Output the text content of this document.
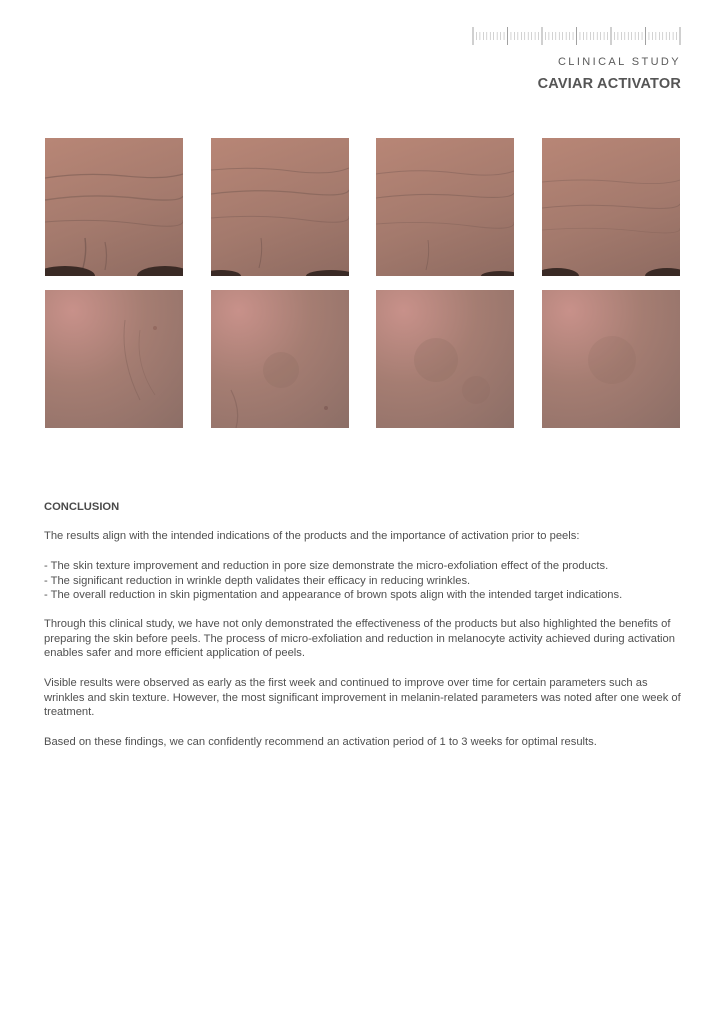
CLINICAL STUDY
CAVIAR ACTIVATOR
CONCLUSION
The results align with the intended indications of the products and the importance of activation prior to peels:

- The skin texture improvement and reduction in pore size demonstrate the micro-exfoliation effect of the products.

- The significant reduction in wrinkle depth validates their efficacy in reducing wrinkles.

- The overall reduction in skin pigmentation and appearance of brown spots align with the intended target indications.

Through this clinical study, we have not only demonstrated the effectiveness of the products but also highlighted the benefits of preparing the skin before peels. The process of micro-exfoliation and reduction in melanocyte activity achieved during activation enables safer and more efficient application of peels.
Visible results were observed as early as the first week and continued to improve over time for certain parameters such as wrinkles and skin texture. However, the most significant improvement in melanin-related parameters was noted after one week of treatment.
Based on these findings, we can confidently recommend an activation period of 1 to 3 weeks for optimal results.
